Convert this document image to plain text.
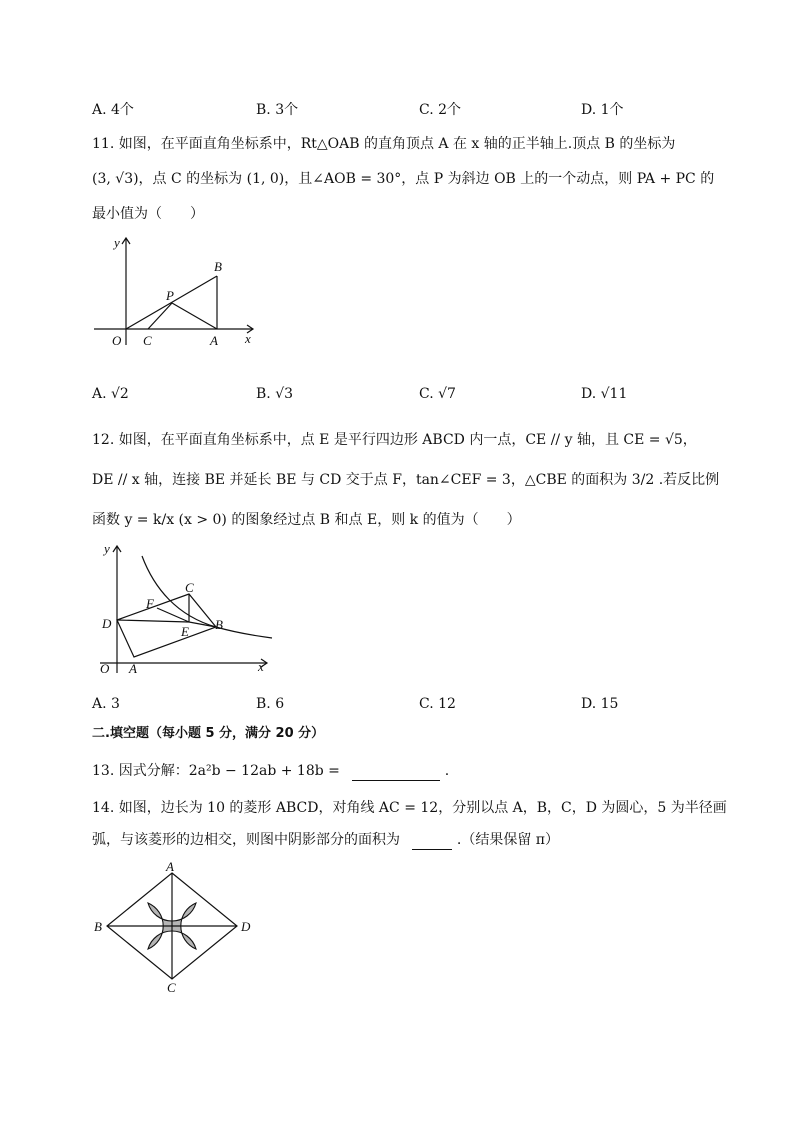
A. 4个	B. 3个	C. 2个	D. 1个
11. 如图，在平面直角坐标系中，Rt△OAB 的直角顶点 A 在 x 轴的正半轴上.顶点 B 的坐标为
(3, √3)，点 C 的坐标为 (1, 0)，且∠AOB = 30°，点 P 为斜边 OB 上的一个动点，则 PA + PC 的
最小值为（　　）
y
x
O C	A
P
B
A. √2	B. √3	C. √7	D. √11
12. 如图，在平面直角坐标系中，点 E 是平行四边形 ABCD 内一点，CE // y 轴，且 CE = √5，
DE // x 轴，连接 BE 并延长 BE 与 CD 交于点 F，tan∠CEF = 3，△CBE 的面积为 3/2 .若反比例
函数 y = k/x (x > 0) 的图象经过点 B 和点 E，则 k 的值为（　　）
y
x
O A
D
C
F
E B
A. 3	B. 6	C. 12	D. 15
二.填空题（每小题 5 分，满分 20 分）
13. 因式分解：2a²b − 12ab + 18b =	.
14. 如图，边长为 10 的菱形 ABCD，对角线 AC = 12，分别以点 A，B，C，D 为圆心，5 为半径画
弧，与该菱形的边相交，则图中阴影部分的面积为	.（结果保留 π）
A
B
C
D
